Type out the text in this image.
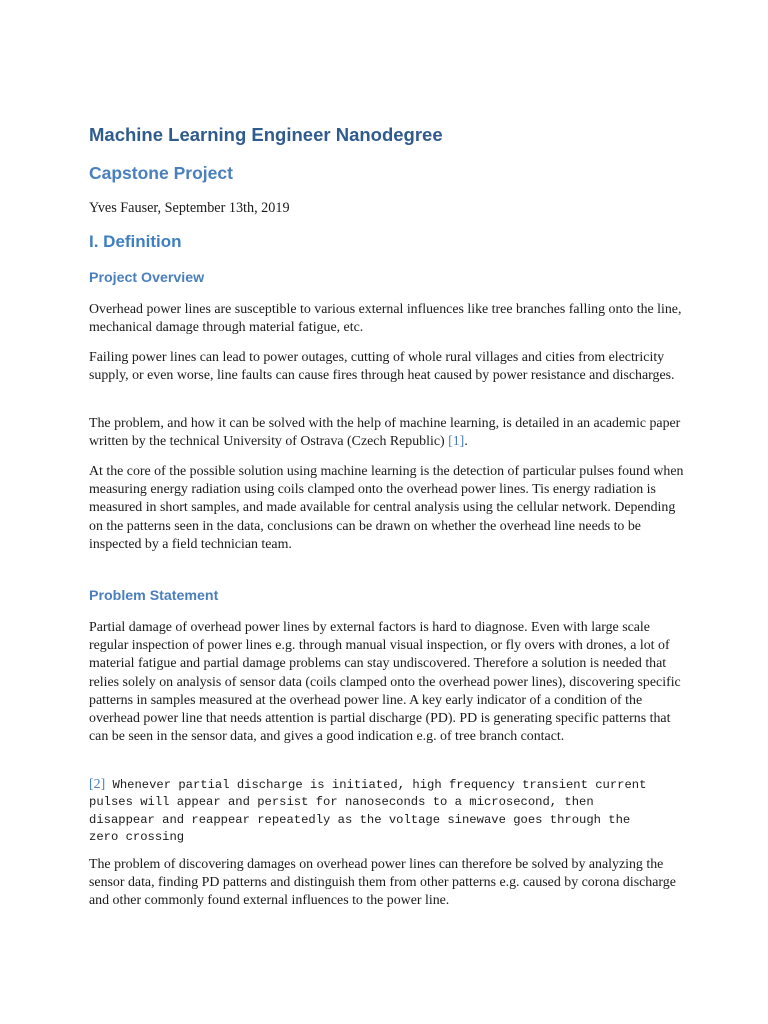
Machine Learning Engineer Nanodegree
Capstone Project

Yves Fauser, September 13th, 2019

I. Definition
Project Overview

Overhead power lines are susceptible to various external influences like tree branches falling onto the line, mechanical damage through material fatigue, etc.

Failing power lines can lead to power outages, cutting of whole rural villages and cities from electricity supply, or even worse, line faults can cause fires through heat caused by power resistance and discharges.

The problem, and how it can be solved with the help of machine learning, is detailed in an academic paper written by the technical University of Ostrava (Czech Republic) [1].

At the core of the possible solution using machine learning is the detection of particular pulses found when measuring energy radiation using coils clamped onto the overhead power lines. Tis energy radiation is measured in short samples, and made available for central analysis using the cellular network. Depending on the patterns seen in the data, conclusions can be drawn on whether the overhead line needs to be inspected by a field technician team.

Problem Statement

Partial damage of overhead power lines by external factors is hard to diagnose. Even with large scale regular inspection of power lines e.g. through manual visual inspection, or fly overs with drones, a lot of material fatigue and partial damage problems can stay undiscovered. Therefore a solution is needed that relies solely on analysis of sensor data (coils clamped onto the overhead power lines), discovering specific patterns in samples measured at the overhead power line. A key early indicator of a condition of the overhead power line that needs attention is partial discharge (PD). PD is generating specific patterns that can be seen in the sensor data, and gives a good indication e.g. of tree branch contact.

[2] Whenever partial discharge is initiated, high frequency transient current
pulses will appear and persist for nanoseconds to a microsecond, then
disappear and reappear repeatedly as the voltage sinewave goes through the
zero crossing

The problem of discovering damages on overhead power lines can therefore be solved by analyzing the sensor data, finding PD patterns and distinguish them from other patterns e.g. caused by corona discharge and other commonly found external influences to the power line.
